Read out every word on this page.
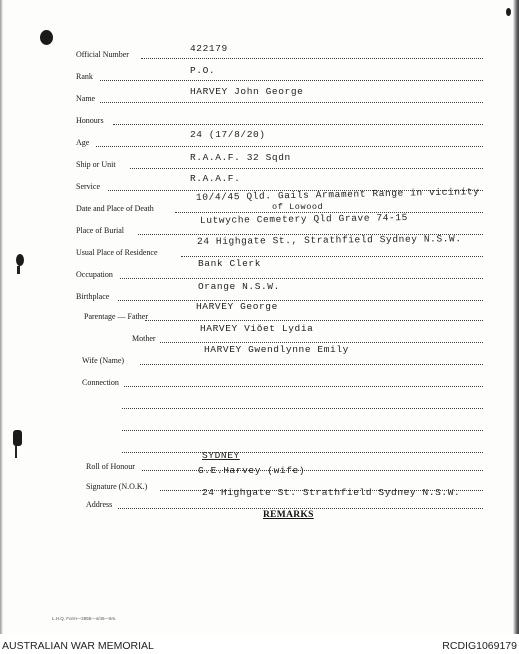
Official Number
422179
Rank
P.O.
Name
HARVEY John George
Honours
Age
24 (17/8/20)
Ship or Unit
R.A.A.F. 32 Sqdn
Service
R.A.A.F.
Date and Place of Death
10/4/45 Qld. Gails Armament Range in vicinity
of Lowood
Place of Burial
Lutwyche Cemetery Qld Grave 74-15
Usual Place of Residence
24 Highgate St., Strathfield Sydney N.S.W.
Occupation
Bank Clerk
Birthplace
Orange N.S.W.
Parentage — Father
HARVEY George
Mother
HARVEY Viŏet Lydia
Wife (Name)
HARVEY Gwendlynne Emily
Connection
Roll of Honour
SYDNEY
Signature (N.O.K.)
G.E.Harvey (wife)
Address
24 Highgate St. Strathfield Sydney N.S.W.
REMARKS
L.H.Q. Form—2855—4/45—5m.
AUSTRALIAN WAR MEMORIAL	RCDIG1069179
